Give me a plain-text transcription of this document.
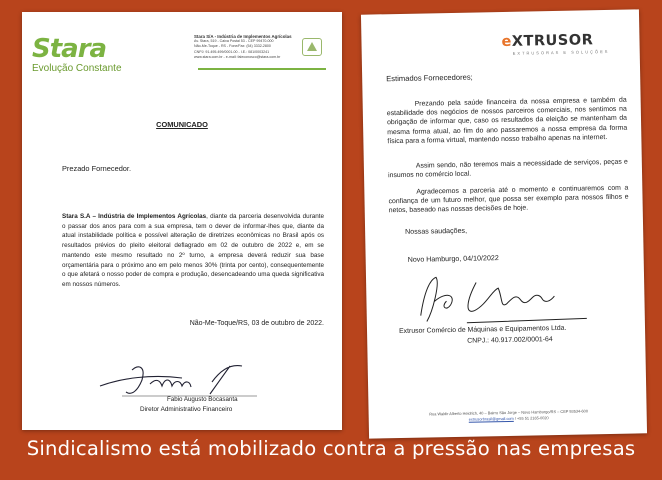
Stara
Evolução Constante
Stara S/A - Indústria de Implementos Agrícolas
Av. Stara, 519 - Caixa Postal 53 - CEP 99470-000
Não-Me-Toque - RS - Fone/Fax: (54) 3332-2800
CNPJ: 91.495.499/0001-00 - I.E.: 081/0003241
www.stara.com.br - e-mail: faleconosco@stara.com.br
COMUNICADO
Prezado Fornecedor.
Stara S.A – Indústria de Implementos Agrícolas, diante da parceria desenvolvida durante o passar dos anos para com a sua empresa, tem o dever de informar-lhes que, diante da atual instabilidade política e possível alteração de diretrizes econômicas no Brasil após os resultados prévios do pleito eleitoral deflagrado em 02 de outubro de 2022 e, em se mantendo este mesmo resultado no 2º turno, a empresa deverá reduzir sua base orçamentária para o próximo ano em pelo menos 30% (trinta por cento), consequentemente o que afetará o nosso poder de compra e produção, desencadeando uma queda significativa em nossos números.
Não-Me-Toque/RS, 03 de outubro de 2022.
Fabio Augusto Bocasanta
Diretor Administrativo Financeiro
eXTRUSOR
EXTRUSORAS E SOLUÇÕES
Estimados Fornecedores;
Prezando pela saúde financeira da nossa empresa e também da estabilidade dos negócios de nossos parceiros comerciais, nos sentimos na obrigação de informar que, caso os resultados da eleição se mantenham da mesma forma atual, ao fim do ano passaremos a nossa empresa da forma física para a forma virtual, mantendo nosso trabalho apenas na internet.
Assim sendo, não teremos mais a necessidade de serviços, peças e insumos no comércio local.
Agradecemos a parceria até o momento e continuaremos com a confiança de um futuro melhor, que possa ser exemplo para nossos filhos e netos, baseado nas nossas decisões de hoje.
Nossas saudações,
Novo Hamburgo, 04/10/2022
Extrusor Comércio de Máquinas e Equipamentos Ltda.
CNPJ.: 40.917.002/0001-64
Rua Waldir Alberto Heidrich, 40 – Bairro São Jorge – Novo Hamburgo/RS – CEP 93534-600
extrusorbrasil@gmail.com / +55 51 2165-0020
Sindicalismo está mobilizado contra a pressão nas empresas
